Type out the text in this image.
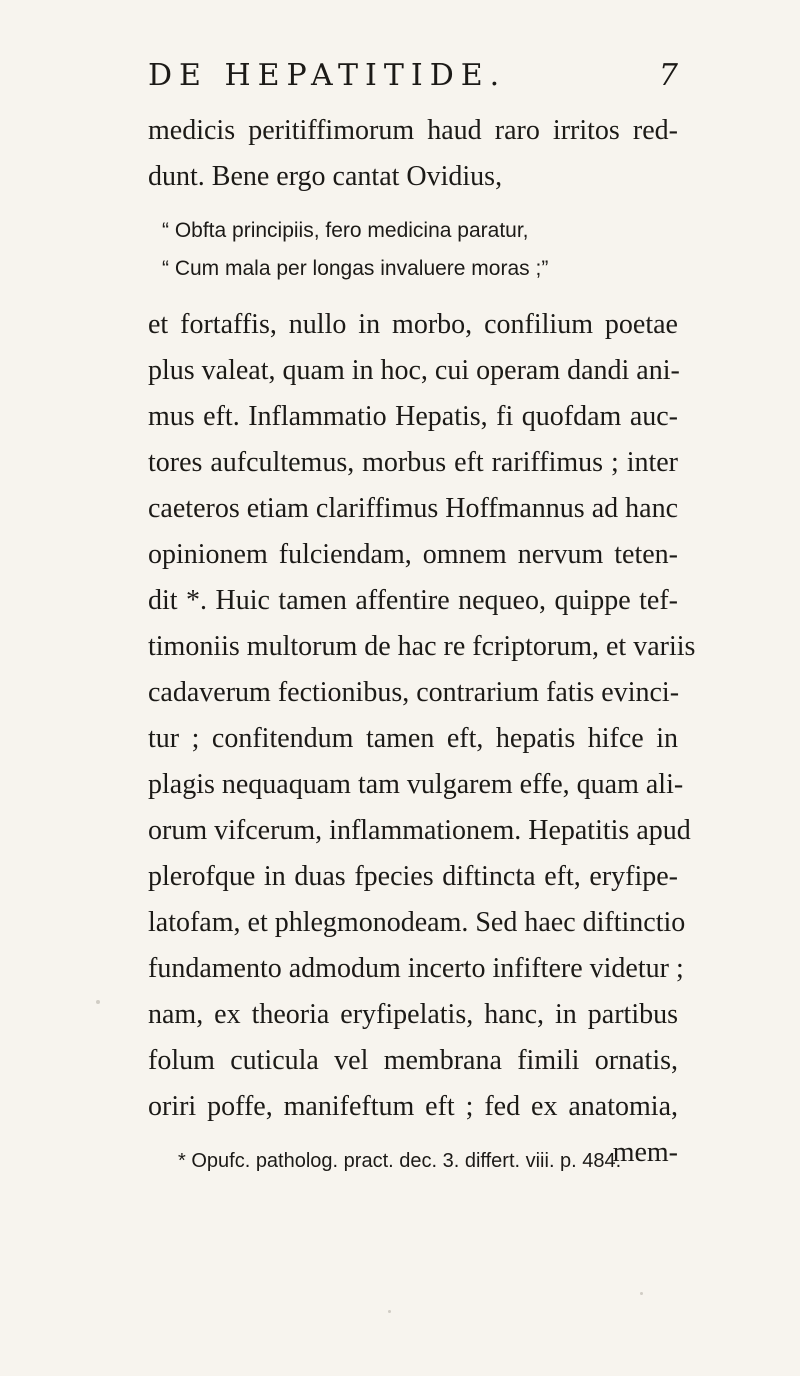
DE HEPATITIDE.	7
medicis peritiffimorum haud raro irritos red-
dunt. Bene ergo cantat Ovidius,
“ Obfta principiis, fero medicina paratur,
“ Cum mala per longas invaluere moras ;”
et fortaffis, nullo in morbo, confilium poetae
plus valeat, quam in hoc, cui operam dandi ani-
mus eft. Inflammatio Hepatis, fi quofdam auc-
tores aufcultemus, morbus eft rariffimus ; inter
caeteros etiam clariffimus Hoffmannus ad hanc
opinionem fulciendam, omnem nervum teten-
dit *. Huic tamen affentire nequeo, quippe tef-
timoniis multorum de hac re fcriptorum, et variis
cadaverum fectionibus, contrarium fatis evinci-
tur ; confitendum tamen eft, hepatis hifce in
plagis nequaquam tam vulgarem effe, quam ali-
orum vifcerum, inflammationem. Hepatitis apud
plerofque in duas fpecies diftincta eft, eryfipe-
latofam, et phlegmonodeam. Sed haec diftinctio
fundamento admodum incerto infiftere videtur ;
nam, ex theoria eryfipelatis, hanc, in partibus
folum cuticula vel membrana fimili ornatis,
oriri poffe, manifeftum eft ; fed ex anatomia,
mem-
* Opufc. patholog. pract. dec. 3. differt. viii. p. 484.
